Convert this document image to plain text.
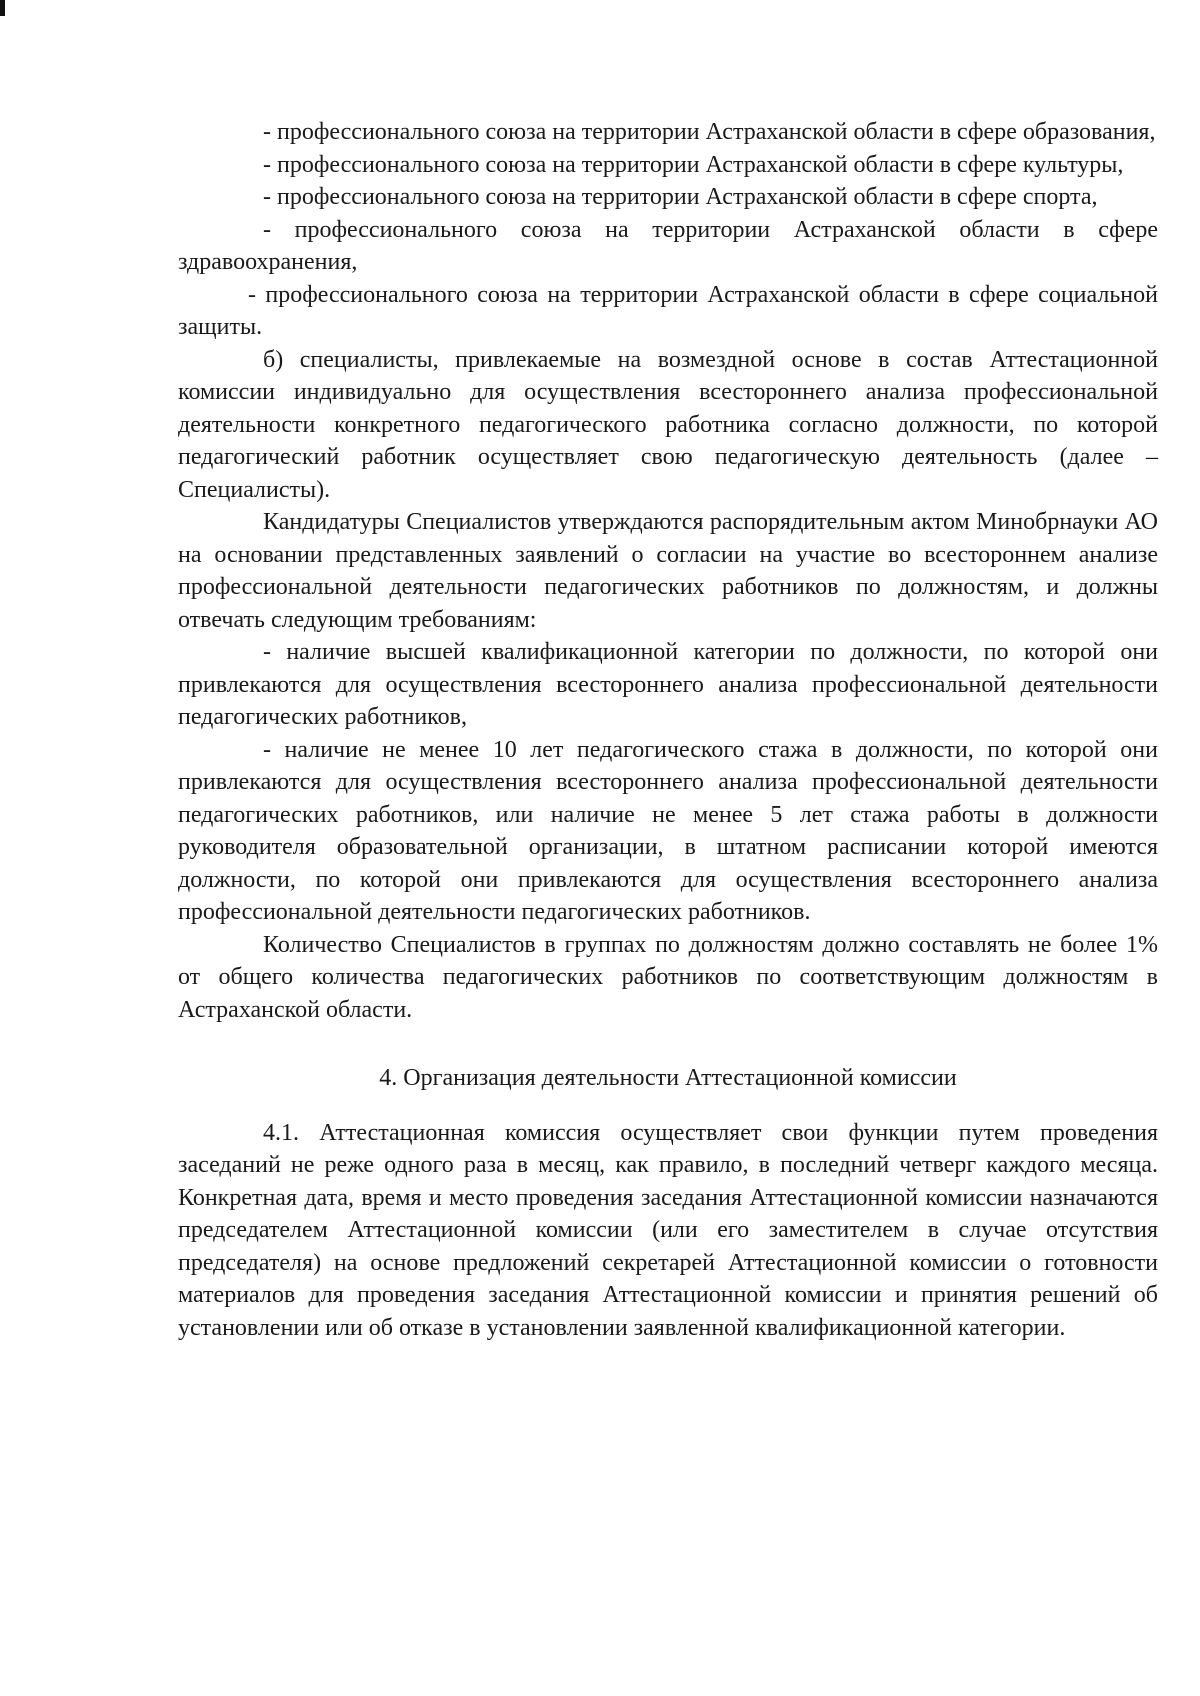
- профессионального союза на территории Астраханской области в сфере образования,

- профессионального союза на территории Астраханской области в сфере культуры,

- профессионального союза на территории Астраханской области в сфере спорта,

- профессионального союза на территории Астраханской области в сфере здравоохранения,

- профессионального союза на территории Астраханской области в сфере социальной защиты.

б) специалисты, привлекаемые на возмездной основе в состав Аттестационной комиссии индивидуально для осуществления всестороннего анализа профессиональной деятельности конкретного педагогического работника согласно должности, по которой педагогический работник осуществляет свою педагогическую деятельность (далее – Специалисты).

Кандидатуры Специалистов утверждаются распорядительным актом Минобрнауки АО на основании представленных заявлений о согласии на участие во всестороннем анализе профессиональной деятельности педагогических работников по должностям, и должны отвечать следующим требованиям:

- наличие высшей квалификационной категории по должности, по которой они привлекаются для осуществления всестороннего анализа профессиональной деятельности педагогических работников,

- наличие не менее 10 лет педагогического стажа в должности, по которой они привлекаются для осуществления всестороннего анализа профессиональной деятельности педагогических работников, или наличие не менее 5 лет стажа работы в должности руководителя образовательной организации, в штатном расписании которой имеются должности, по которой они привлекаются для осуществления всестороннего анализа профессиональной деятельности педагогических работников.

Количество Специалистов в группах по должностям должно составлять не более 1% от общего количества педагогических работников по соответствующим должностям в Астраханской области.

4. Организация деятельности Аттестационной комиссии

4.1. Аттестационная комиссия осуществляет свои функции путем проведения заседаний не реже одного раза в месяц, как правило, в последний четверг каждого месяца. Конкретная дата, время и место проведения заседания Аттестационной комиссии назначаются председателем Аттестационной комиссии (или его заместителем в случае отсутствия председателя) на основе предложений секретарей Аттестационной комиссии о готовности материалов для проведения заседания Аттестационной комиссии и принятия решений об установлении или об отказе в установлении заявленной квалификационной категории.
